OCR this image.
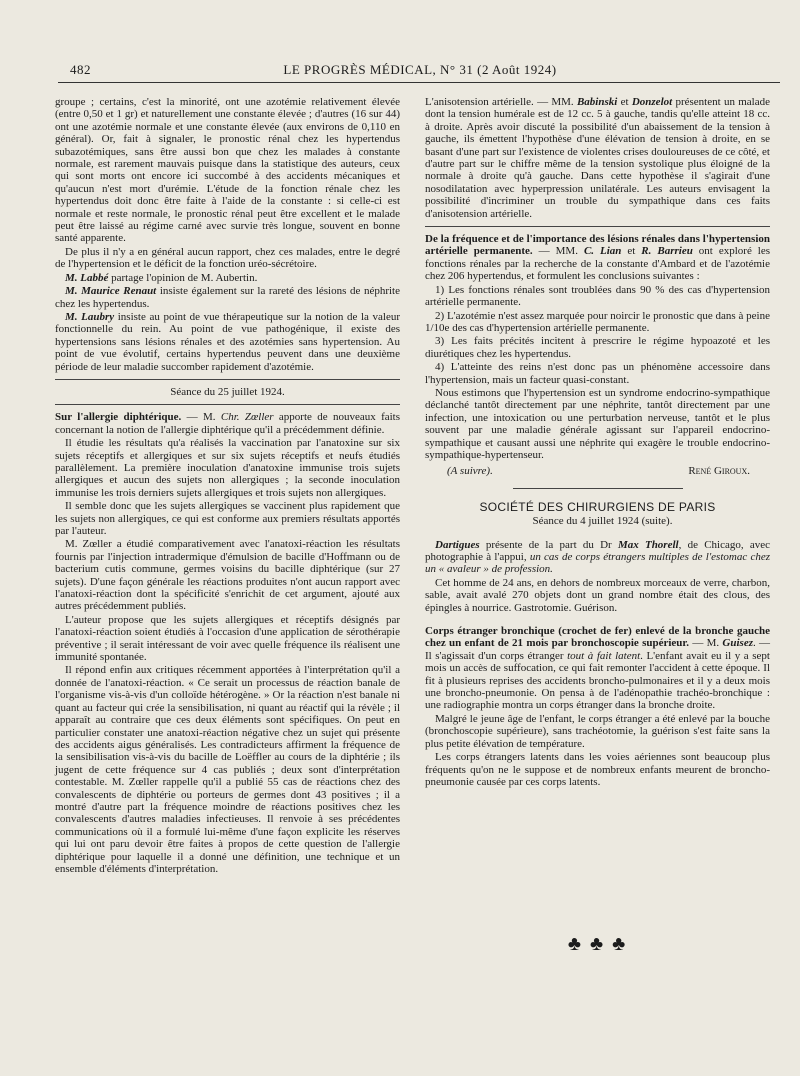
482	LE PROGRÈS MÉDICAL, N° 31 (2 Août 1924)

groupe ; certains, c'est la minorité, ont une azotémie relativement élevée (entre 0,50 et 1 gr) et naturellement une constante élevée ; d'autres (16 sur 44) ont une azotémie normale et une constante élevée (aux environs de 0,110 en général). Or, fait à signaler, le pronostic rénal chez les hypertendus subazotémiques, sans être aussi bon que chez les malades à constante normale, est rarement mauvais puisque dans la statistique des auteurs, ceux qui sont morts ont encore ici succombé à des accidents mécaniques et qu'aucun n'est mort d'urémie. L'étude de la fonction rénale chez les hypertendus doit donc être faite à l'aide de la constante : si celle-ci est normale et reste normale, le pronostic rénal peut être excellent et le malade peut être laissé au régime carné avec survie très longue, souvent en bonne santé apparente.

De plus il n'y a en général aucun rapport, chez ces malades, entre le degré de l'hypertension et le déficit de la fonction uréo-sécrétoire.

M. Labbé partage l'opinion de M. Aubertin.

M. Maurice Renaut insiste également sur la rareté des lésions de néphrite chez les hypertendus.

M. Laubry insiste au point de vue thérapeutique sur la notion de la valeur fonctionnelle du rein. Au point de vue pathogénique, il existe des hypertensions sans lésions rénales et des azotémies sans hypertension. Au point de vue évolutif, certains hypertendus peuvent dans une deuxième période de leur maladie succomber rapidement d'azotémie.

Séance du 25 juillet 1924.

Sur l'allergie diphtérique. — M. Chr. Zœller apporte de nouveaux faits concernant la notion de l'allergie diphtérique qu'il a précédemment définie.

Il étudie les résultats qu'a réalisés la vaccination par l'anatoxine sur six sujets réceptifs et allergiques et sur six sujets réceptifs et neufs étudiés parallèlement. La première inoculation d'anatoxine immunise trois sujets allergiques et aucun des sujets non allergiques ; la seconde inoculation immunise les trois derniers sujets allergiques et trois sujets non allergiques.

Il semble donc que les sujets allergiques se vaccinent plus rapidement que les sujets non allergiques, ce qui est conforme aux premiers résultats apportés par l'auteur.

M. Zœller a étudié comparativement avec l'anatoxi-réaction les résultats fournis par l'injection intradermique d'émulsion de bacille d'Hoffmann ou de bacterium cutis commune, germes voisins du bacille diphtérique (sur 27 sujets). D'une façon générale les réactions produites n'ont aucun rapport avec l'anatoxi-réaction dont la spécificité s'enrichit de cet argument, ajouté aux autres précédemment publiés.

L'auteur propose que les sujets allergiques et réceptifs désignés par l'anatoxi-réaction soient étudiés à l'occasion d'une application de sérothérapie préventive ; il serait intéressant de voir avec quelle fréquence ils réalisent une immunité spontanée.

Il répond enfin aux critiques récemment apportées à l'interprétation qu'il a donnée de l'anatoxi-réaction. « Ce serait un processus de réaction banale de l'organisme vis-à-vis d'un colloïde hétérogène. » Or la réaction n'est banale ni quant au facteur qui crée la sensibilisation, ni quant au réactif qui la révèle ; il apparaît au contraire que ces deux éléments sont spécifiques. On peut en particulier constater une anatoxi-réaction négative chez un sujet qui présente des accidents aigus généralisés. Les contradicteurs affirment la fréquence de la sensibilisation vis-à-vis du bacille de Loëffler au cours de la diphtérie ; ils jugent de cette fréquence sur 4 cas publiés ; deux sont d'interprétation contestable. M. Zœller rappelle qu'il a publié 55 cas de réactions chez des convalescents de diphtérie ou porteurs de germes dont 43 positives ; il a montré d'autre part la fréquence moindre de réactions positives chez les convalescents d'autres maladies infectieuses. Il renvoie à ses précédentes communications où il a formulé lui-même d'une façon explicite les réserves qui lui ont paru devoir être faites à propos de cette question de l'allergie diphtérique pour laquelle il a donné une définition, une technique et un ensemble d'éléments d'interprétation.

L'anisotension artérielle. — MM. Babinski et Donzelot présentent un malade dont la tension humérale est de 12 cc. 5 à gauche, tandis qu'elle atteint 18 cc. à droite. Après avoir discuté la possibilité d'un abaissement de la tension à gauche, ils émettent l'hypothèse d'une élévation de tension à droite, en se basant d'une part sur l'existence de violentes crises douloureuses de ce côté, et d'autre part sur le chiffre même de la tension systolique plus éloigné de la normale à droite qu'à gauche. Dans cette hypothèse il s'agirait d'une nosodilatation avec hyperpression unilatérale. Les auteurs envisagent la possibilité d'incriminer un trouble du sympathique dans ces faits d'anisotension artérielle.

De la fréquence et de l'importance des lésions rénales dans l'hypertension artérielle permanente. — MM. C. Lian et R. Barrieu ont exploré les fonctions rénales par la recherche de la constante d'Ambard et de l'azotémie chez 206 hypertendus, et formulent les conclusions suivantes :

1) Les fonctions rénales sont troublées dans 90 % des cas d'hypertension artérielle permanente.

2) L'azotémie n'est assez marquée pour noircir le pronostic que dans à peine 1/10e des cas d'hypertension artérielle permanente.

3) Les faits précités incitent à prescrire le régime hypoazoté et les diurétiques chez les hypertendus.

4) L'atteinte des reins n'est donc pas un phénomène accessoire dans l'hypertension, mais un facteur quasi-constant.

Nous estimons que l'hypertension est un syndrome endocrino-sympathique déclanché tantôt directement par une néphrite, tantôt directement par une infection, une intoxication ou une perturbation nerveuse, tantôt et le plus souvent par une maladie générale agissant sur l'appareil endocrino-sympathique et causant aussi une néphrite qui exagère le trouble endocrino-sympathique-hypertenseur.

(A suivre).	René Giroux.
SOCIÉTÉ DES CHIRURGIENS DE PARIS

Séance du 4 juillet 1924 (suite).

Dartigues présente de la part du Dr Max Thorell, de Chicago, avec photographie à l'appui, un cas de corps étrangers multiples de l'estomac chez un « avaleur » de profession.

Cet homme de 24 ans, en dehors de nombreux morceaux de verre, charbon, sable, avait avalé 270 objets dont un grand nombre était des clous, des épingles à nourrice. Gastrotomie. Guérison.

Corps étranger bronchique (crochet de fer) enlevé de la bronche gauche chez un enfant de 21 mois par bronchoscopie supérieur. — M. Guisez. — Il s'agissait d'un corps étranger tout à fait latent. L'enfant avait eu il y a sept mois un accès de suffocation, ce qui fait remonter l'accident à cette époque. Il fit à plusieurs reprises des accidents broncho-pulmonaires et il y a deux mois une broncho-pneumonie. On pensa à de l'adénopathie trachéo-bronchique : une radiographie montra un corps étranger dans la bronche droite.

Malgré le jeune âge de l'enfant, le corps étranger a été enlevé par la bouche (bronchoscopie supérieure), sans trachéotomie, la guérison s'est faite sans la plus petite élévation de température.

Les corps étrangers latents dans les voies aériennes sont beaucoup plus fréquents qu'on ne le suppose et de nombreux enfants meurent de broncho-pneumonie causée par ces corps latents.

♣ ♣ ♣
